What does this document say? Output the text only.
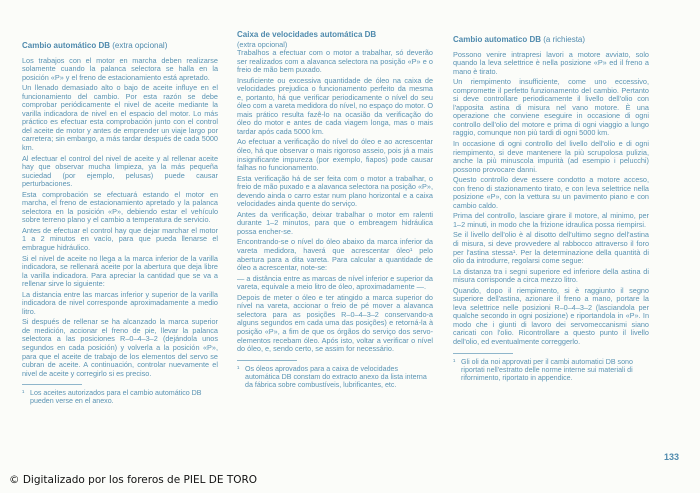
Cambio automático DB (extra opcional)

Los trabajos con el motor en marcha deben realizarse solamente cuando la palanca selectora se halla en la posición «P» y el freno de estacionamiento está apretado.

Un llenado demasiado alto o bajo de aceite influye en el funcionamiento del cambio. Por esta razón se debe comprobar periódicamente el nivel de aceite mediante la varilla indicadora de nivel en el espacio del motor. Lo más práctico es efectuar esta comprobación junto con el control del aceite de motor y antes de emprender un viaje largo por carretera; sin embargo, a más tardar después de cada 5000 km.

Al efectuar el control del nivel de aceite y al rellenar aceite hay que observar mucha limpieza, ya la más pequeña suciedad (por ejemplo, pelusas) puede causar perturbaciones.

Esta comprobación se efectuará estando el motor en marcha, el freno de estacionamiento apretado y la palanca selectora en la posición «P», debiendo estar el vehículo sobre terreno plano y el cambio a temperatura de servicio.

Antes de efectuar el control hay que dejar marchar el motor 1 a 2 minutos en vacío, para que pueda llenarse el embrague hidráulico.

Si el nivel de aceite no llega a la marca inferior de la varilla indicadora, se rellenará aceite por la abertura que deja libre la varilla indicadora. Para apreciar la cantidad que se va a rellenar sirve lo siguiente:

La distancia entre las marcas inferior y superior de la varilla indicadora de nivel corresponde aproximadamente a medio litro.

Si después de rellenar se ha alcanzado la marca superior de medición, accionar el freno de pie, llevar la palanca selectora a las posiciones R–0–4–3–2 (dejándola unos segundos en cada posición) y volverla a la posición «P», para que el aceite de trabajo de los elementos del servo se cubran de aceite. A continuación, controlar nuevamente el nivel de aceite y corregirlo si es preciso.

¹ Los aceites autorizados para el cambio automático DB pueden verse en el anexo.
Caixa de velocidades automática DB
(extra opcional)

Trabalhos a efectuar com o motor a trabalhar, só deverão ser realizados com a alavanca selectora na posição «P» e o freio de mão bem puxado.

Insuficiente ou excessiva quantidade de óleo na caixa de velocidades prejudica o funcionamento perfeito da mesma e, portanto, há que verificar periodicamente o nível do seu óleo com a vareta medidora do nível, no espaço do motor. O mais prático resulta fazê-lo na ocasião da verificação do óleo do motor e antes de cada viagem longa, mas o mais tardar após cada 5000 km.

Ao efectuar a verificação do nível do óleo e ao acrescentar óleo, há que observar o mais rigoroso asseio, pois já a mais insignificante impureza (por exemplo, fiapos) pode causar falhas no funcionamento.

Esta verificação há de ser feita com o motor a trabalhar, o freio de mão puxado e a alavanca selectora na posição «P», devendo ainda o carro estar num plano horizontal e a caixa velocidades ainda quente do serviço.

Antes da verificação, deixar trabalhar o motor em ralenti durante 1–2 minutos, para que o embreagem hidráulica possa encher-se.

Encontrando-se o nível do óleo abaixo da marca inferior da vareta medidora, haverá que acrescentar óleo¹ pelo abertura para a dita vareta. Para calcular a quantidade de óleo a acrescentar, note-se:

— a distância entre as marcas de nível inferior e superior da vareta, equivale a meio litro de óleo, aproximadamente —.

Depois de meter o óleo e ter atingido a marca superior do nível na vareta, accionar o freio de pé mover a alavanca selectora para as posições R–0–4–3–2 conservando-a alguns segundos em cada uma das posições) e retorná-la à posição «P», a fim de que os órgãos do serviço dos servo-elementos recebam óleo. Após isto, voltar a verificar o nível do óleo, e, sendo certo, se assim for necessário.

¹ Os óleos aprovados para a caixa de velocidades automática DB constam do extracto anexo da lista interna da fábrica sobre combustíveis, lubrificantes, etc.
Cambio automatico DB (a richiesta)

Possono venire intrapresi lavori a motore avviato, solo quando la leva selettrice è nella posizione «P» ed il freno a mano è tirato.

Un riempimento insufficiente, come uno eccessivo, compromette il perfetto funzionamento del cambio. Pertanto si deve controllare periodicamente il livello dell'olio con l'apposita astina di misura nel vano motore. È una operazione che conviene eseguire in occasione di ogni controllo dell'olio del motore e prima di ogni viaggio a lungo raggio, comunque non più tardi di ogni 5000 km.

In occasione di ogni controllo del livello dell'olio e di ogni riempimento, si deve mantenere la più scrupolosa pulizia, anche la più minuscola impurità (ad esempio i pelucchi) possono provocare danni.

Questo controllo deve essere condotto a motore acceso, con freno di stazionamento tirato, e con leva selettrice nella posizione «P», con la vettura su un pavimento piano e con cambio caldo.

Prima del controllo, lasciare girare il motore, al minimo, per 1–2 minuti, in modo che la frizione idraulica possa riempirsi.

Se il livello dell'olio è al disotto dell'ultimo segno dell'astina di misura, si deve provvedere al rabbocco attraverso il foro per l'astina stessa¹. Per la determinazione della quantità di olio da introdurre, regolarsi come segue:

La distanza tra i segni superiore ed inferiore della astina di misura corrisponde a circa mezzo litro.

Quando, dopo il riempimento, si è raggiunto il segno superiore dell'astina, azionare il freno a mano, portare la leva selettrice nelle posizioni R–0–4–3–2 (lasciandola per qualche secondo in ogni posizione) e riportandola in «P». In modo che i giunti di lavoro dei servomeccanismi siano caricati con l'olio. Ricontrollare a questo punto il livello dell'olio, ed eventualmente correggerlo.

¹ Gli oli da noi approvati per il cambi automatici DB sono riportati nell'estratto delle norme interne sui materiali di rifornimento, riportato in appendice.
133
© Digitalizado por los foreros de PIEL DE TORO
